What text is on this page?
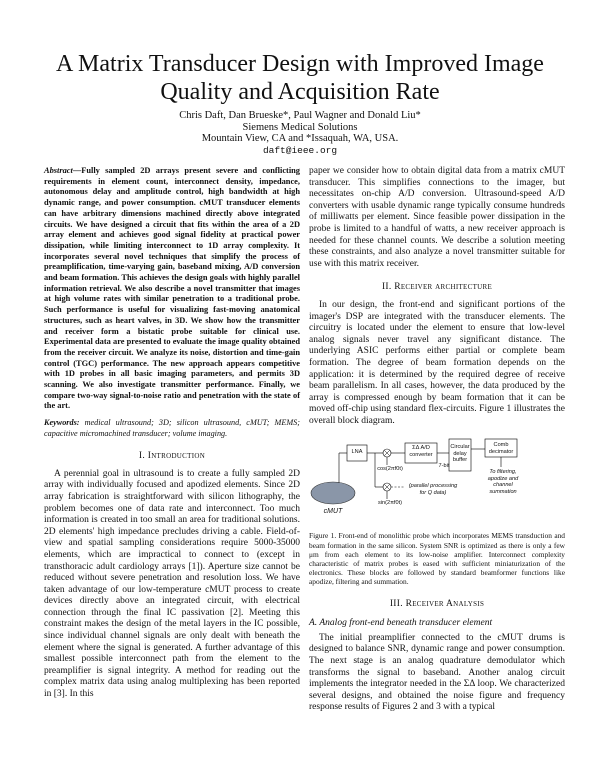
A Matrix Transducer Design with Improved Image Quality and Acquisition Rate
Chris Daft, Dan Brueske*, Paul Wagner and Donald Liu*
Siemens Medical Solutions
Mountain View, CA and *Issaquah, WA, USA.
daft@ieee.org

Abstract—Fully sampled 2D arrays present severe and conflicting requirements in element count, interconnect density, impedance, autonomous delay and amplitude control, high bandwidth at high dynamic range, and power consumption. cMUT transducer elements can have arbitrary dimensions machined directly above integrated circuits. We have designed a circuit that fits within the area of a 2D array element and achieves good signal fidelity at practical power dissipation, while limiting interconnect to 1D array complexity. It incorporates several novel techniques that simplify the process of preamplification, time-varying gain, baseband mixing, A/D conversion and beam formation. This achieves the design goals with highly parallel information retrieval. We also describe a novel transmitter that images at high volume rates with similar penetration to a traditional probe. Such performance is useful for visualizing fast-moving anatomical structures, such as heart valves, in 3D. We show how the transmitter and receiver form a bistatic probe suitable for clinical use. Experimental data are presented to evaluate the image quality obtained from the receiver circuit. We analyze its noise, distortion and time-gain control (TGC) performance. The new approach appears competitive with 1D probes in all basic imaging parameters, and permits 3D scanning. We also investigate transmitter performance. Finally, we compare two-way signal-to-noise ratio and penetration with the state of the art.

Keywords: medical ultrasound; 3D; silicon ultrasound, cMUT; MEMS; capacitive micromachined transducer; volume imaging.

I. Introduction

A perennial goal in ultrasound is to create a fully sampled 2D array with individually focused and apodized elements. Since 2D array fabrication is straightforward with silicon lithography, the problem becomes one of data rate and interconnect. Too much information is created in too small an area for traditional solutions. 2D elements' high impedance precludes driving a cable. Field-of-view and spatial sampling considerations require 5000-35000 elements, which are impractical to connect to (except in transthoracic adult cardiology arrays [1]). Aperture size cannot be reduced without severe penetration and resolution loss. We have taken advantage of our low-temperature cMUT process to create devices directly above an integrated circuit, with electrical connection through the final IC passivation [2]. Meeting this constraint makes the design of the metal layers in the IC possible, since individual channel signals are only dealt with beneath the element where the signal is generated. A further advantage of this smallest possible interconnect path from the element to the preamplifier is signal integrity. A method for reading out the complex matrix data using analog multiplexing has been reported in [3]. In this

paper we consider how to obtain digital data from a matrix cMUT transducer. This simplifies connections to the imager, but necessitates on-chip A/D conversion. Ultrasound-speed A/D converters with usable dynamic range typically consume hundreds of milliwatts per element. Since feasible power dissipation in the probe is limited to a handful of watts, a new receiver approach is needed for these channel counts. We describe a solution meeting these constraints, and also analyze a novel transmitter suitable for use with this matrix receiver.

II. Receiver architecture

In our design, the front-end and significant portions of the imager's DSP are integrated with the transducer elements. The circuitry is located under the element to ensure that low-level analog signals never travel any significant distance. The underlying ASIC performs either partial or complete beam formation. The degree of beam formation depends on the application: it is determined by the required degree of receive beam parallelism. In all cases, however, the data produced by the array is compressed enough by beam formation that it can be moved off-chip using standard flex-circuits. Figure 1 illustrates the overall block diagram.

LNA
ΣΔ A/D converter
7-bit
Circular delay buffer
Comb decimator
To filtering, apodize and channel summation
cos(2πf0t)
sin(2πf0t)
(parallel processing for Q data)
cMUT

Figure 1. Front-end of monolithic probe which incorporates MEMS transduction and beam formation in the same silicon. System SNR is optimized as there is only a few μm from each element to its low-noise amplifier. Interconnect complexity characteristic of matrix probes is eased with sufficient miniaturization of the electronics. These blocks are followed by standard beamformer functions like apodize, filtering and summation.

III. Receiver Analysis
A. Analog front-end beneath transducer element

The initial preamplifier connected to the cMUT drums is designed to balance SNR, dynamic range and power consumption. The next stage is an analog quadrature demodulator which transforms the signal to baseband. Another analog circuit implements the integrator needed in the ΣΔ loop. We characterized several designs, and obtained the noise figure and frequency response results of Figures 2 and 3 with a typical
